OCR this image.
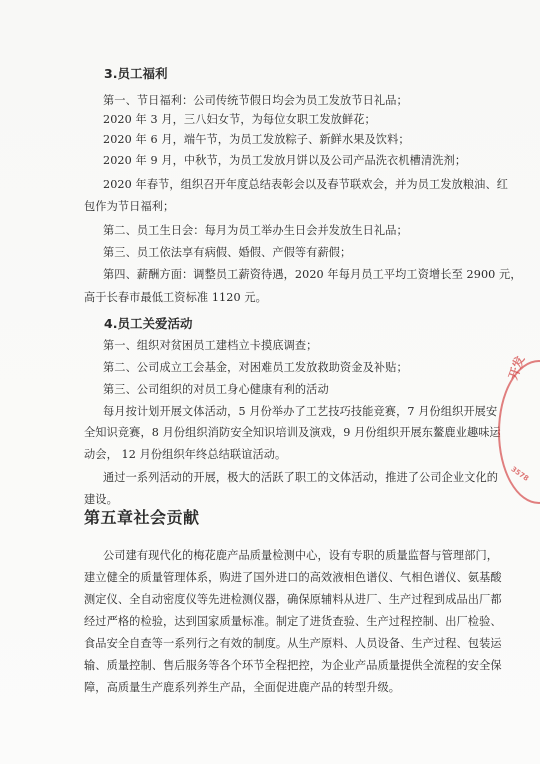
3.员工福利
第一、节日福利：公司传统节假日均会为员工发放节日礼品；
2020 年 3 月，三八妇女节，为每位女职工发放鲜花；
2020 年 6 月，端午节，为员工发放粽子、新鲜水果及饮料；
2020 年 9 月，中秋节，为员工发放月饼以及公司产品洗衣机槽清洗剂；
2020 年春节，组织召开年度总结表彰会以及春节联欢会，并为员工发放粮油、红
包作为节日福利；
第二、员工生日会：每月为员工举办生日会并发放生日礼品；
第三、员工依法享有病假、婚假、产假等有薪假；
第四、薪酬方面：调整员工薪资待遇，2020 年每月员工平均工资增长至 2900 元，
高于长春市最低工资标准 1120 元。
4.员工关爱活动
第一、组织对贫困员工建档立卡摸底调查；
第二、公司成立工会基金，对困难员工发放救助资金及补贴；
第三、公司组织的对员工身心健康有利的活动
每月按计划开展文体活动，5 月份举办了工艺技巧技能竞赛，7 月份组织开展安
全知识竞赛，8 月份组织消防安全知识培训及演戏，9 月份组织开展东鳌鹿业趣味运
动会， 12 月份组织年终总结联谊活动。
通过一系列活动的开展，极大的活跃了职工的文体活动，推进了公司企业文化的
建设。
第五章社会贡献
公司建有现代化的梅花鹿产品质量检测中心，设有专职的质量监督与管理部门，
建立健全的质量管理体系，购进了国外进口的高效液相色谱仪、气相色谱仪、氨基酸
测定仪、全自动密度仪等先进检测仪器，确保原辅料从进厂、生产过程到成品出厂都
经过严格的检验，达到国家质量标准。制定了进货查验、生产过程控制、出厂检验、
食品安全自查等一系列行之有效的制度。从生产原料、人员设备、生产过程、包装运
输、质量控制、售后服务等各个环节全程把控，为企业产品质量提供全流程的安全保
障，高质量生产鹿系列养生产品，全面促进鹿产品的转型升级。
开发
3578
